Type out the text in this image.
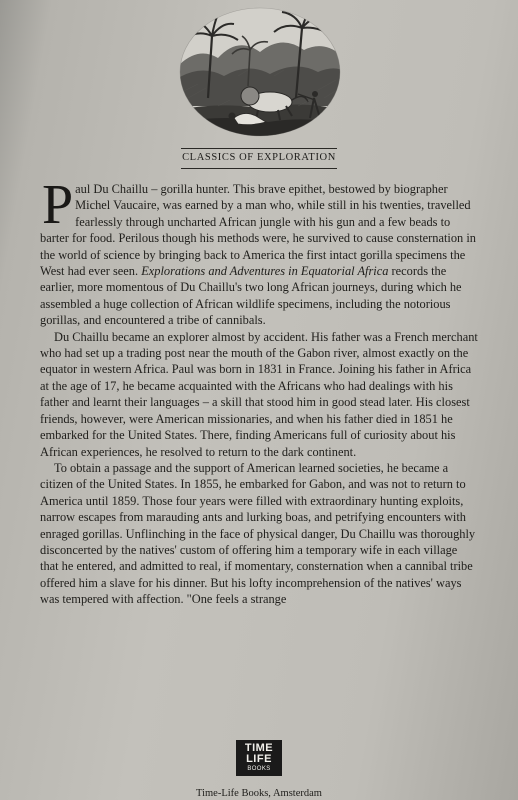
CLASSICS OF EXPLORATION

Paul Du Chaillu – gorilla hunter. This brave epithet, bestowed by biographer Michel Vaucaire, was earned by a man who, while still in his twenties, travelled fearlessly through uncharted African jungle with his gun and a few beads to barter for food. Perilous though his methods were, he survived to cause consternation in the world of science by bringing back to America the first intact gorilla specimens the West had ever seen. Explorations and Adventures in Equatorial Africa records the earlier, more momentous of Du Chaillu's two long African journeys, during which he assembled a huge collection of African wildlife specimens, including the notorious gorillas, and encountered a tribe of cannibals.

Du Chaillu became an explorer almost by accident. His father was a French merchant who had set up a trading post near the mouth of the Gabon river, almost exactly on the equator in western Africa. Paul was born in 1831 in France. Joining his father in Africa at the age of 17, he became acquainted with the Africans who had dealings with his father and learnt their languages – a skill that stood him in good stead later. His closest friends, however, were American missionaries, and when his father died in 1851 he embarked for the United States. There, finding Americans full of curiosity about his African experiences, he resolved to return to the dark continent.

To obtain a passage and the support of American learned societies, he became a citizen of the United States. In 1855, he embarked for Gabon, and was not to return to America until 1859. Those four years were filled with extraordinary hunting exploits, narrow escapes from marauding ants and lurking boas, and petrifying encounters with enraged gorillas. Unflinching in the face of physical danger, Du Chaillu was thoroughly disconcerted by the natives' custom of offering him a temporary wife in each village that he entered, and admitted to real, if momentary, consternation when a cannibal tribe offered him a slave for his dinner. But his lofty incomprehension of the natives' ways was tempered with affection. "One feels a strange

TIME
LIFE
BOOKS
Time-Life Books, Amsterdam
